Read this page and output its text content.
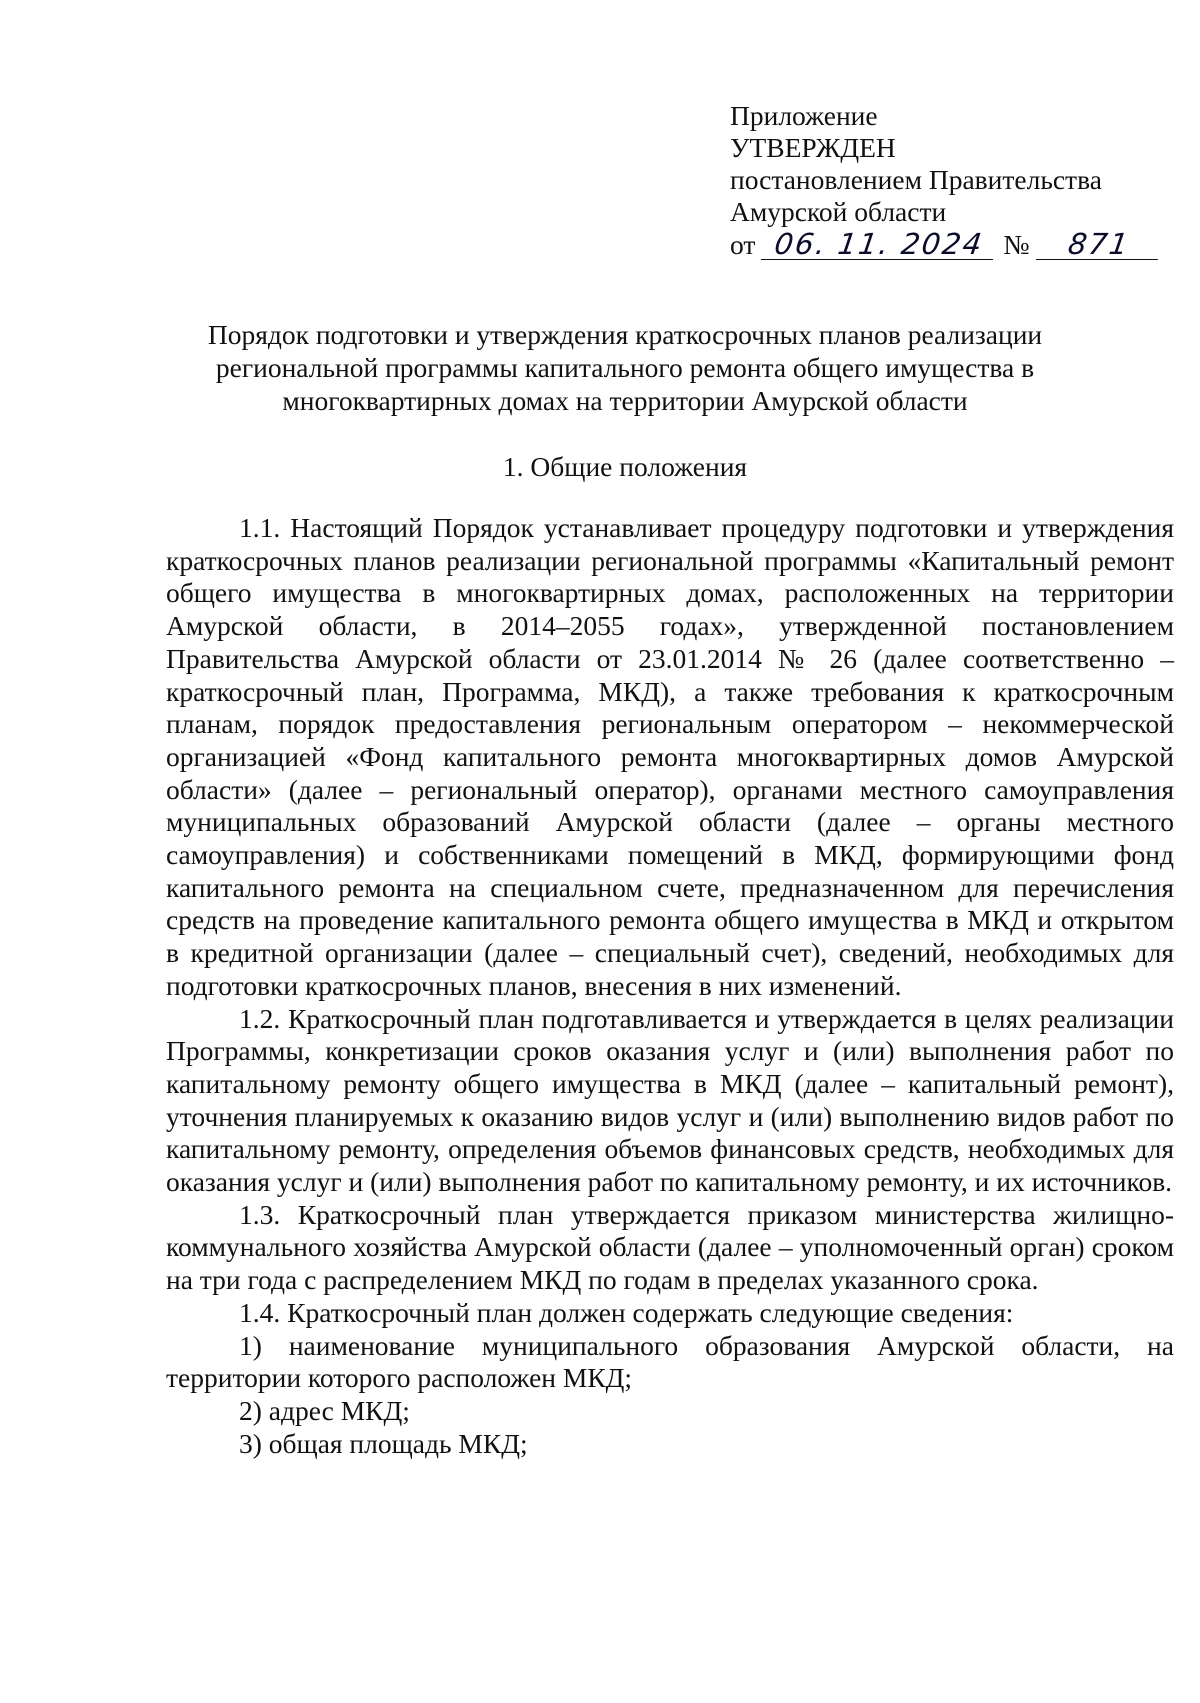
Приложение
УТВЕРЖДЕН
постановлением Правительства
Амурской области
от 06. 11. 2024 №	871
Порядок подготовки и утверждения краткосрочных планов реализации
региональной программы капитального ремонта общего имущества в
многоквартирных домах на территории Амурской области
1. Общие положения

1.1. Настоящий Порядок устанавливает процедуру подготовки и утверждения краткосрочных планов реализации региональной программы «Капитальный ремонт общего имущества в многоквартирных домах, расположенных на территории Амурской области, в 2014–2055 годах», утвержденной постановлением Правительства Амурской области от 23.01.2014 № 26 (далее соответственно – краткосрочный план, Программа, МКД), а также требования к краткосрочным планам, порядок предоставления региональным оператором – некоммерческой организацией «Фонд капитального ремонта многоквартирных домов Амурской области» (далее – региональный оператор), органами местного самоуправления муниципальных образований Амурской области (далее – органы местного самоуправления) и собственниками помещений в МКД, формирующими фонд капитального ремонта на специальном счете, предназначенном для перечисления средств на проведение капитального ремонта общего имущества в МКД и открытом в кредитной организации (далее – специальный счет), сведений, необходимых для подготовки краткосрочных планов, внесения в них изменений.

1.2. Краткосрочный план подготавливается и утверждается в целях реализации Программы, конкретизации сроков оказания услуг и (или) выполнения работ по капитальному ремонту общего имущества в МКД (далее – капитальный ремонт), уточнения планируемых к оказанию видов услуг и (или) выполнению видов работ по капитальному ремонту, определения объемов финансовых средств, необходимых для оказания услуг и (или) выполнения работ по капитальному ремонту, и их источников.

1.3. Краткосрочный план утверждается приказом министерства жилищно-коммунального хозяйства Амурской области (далее – уполномоченный орган) сроком на три года с распределением МКД по годам в пределах указанного срока.

1.4. Краткосрочный план должен содержать следующие сведения:

1) наименование муниципального образования Амурской области, на территории которого расположен МКД;

2) адрес МКД;

3) общая площадь МКД;
